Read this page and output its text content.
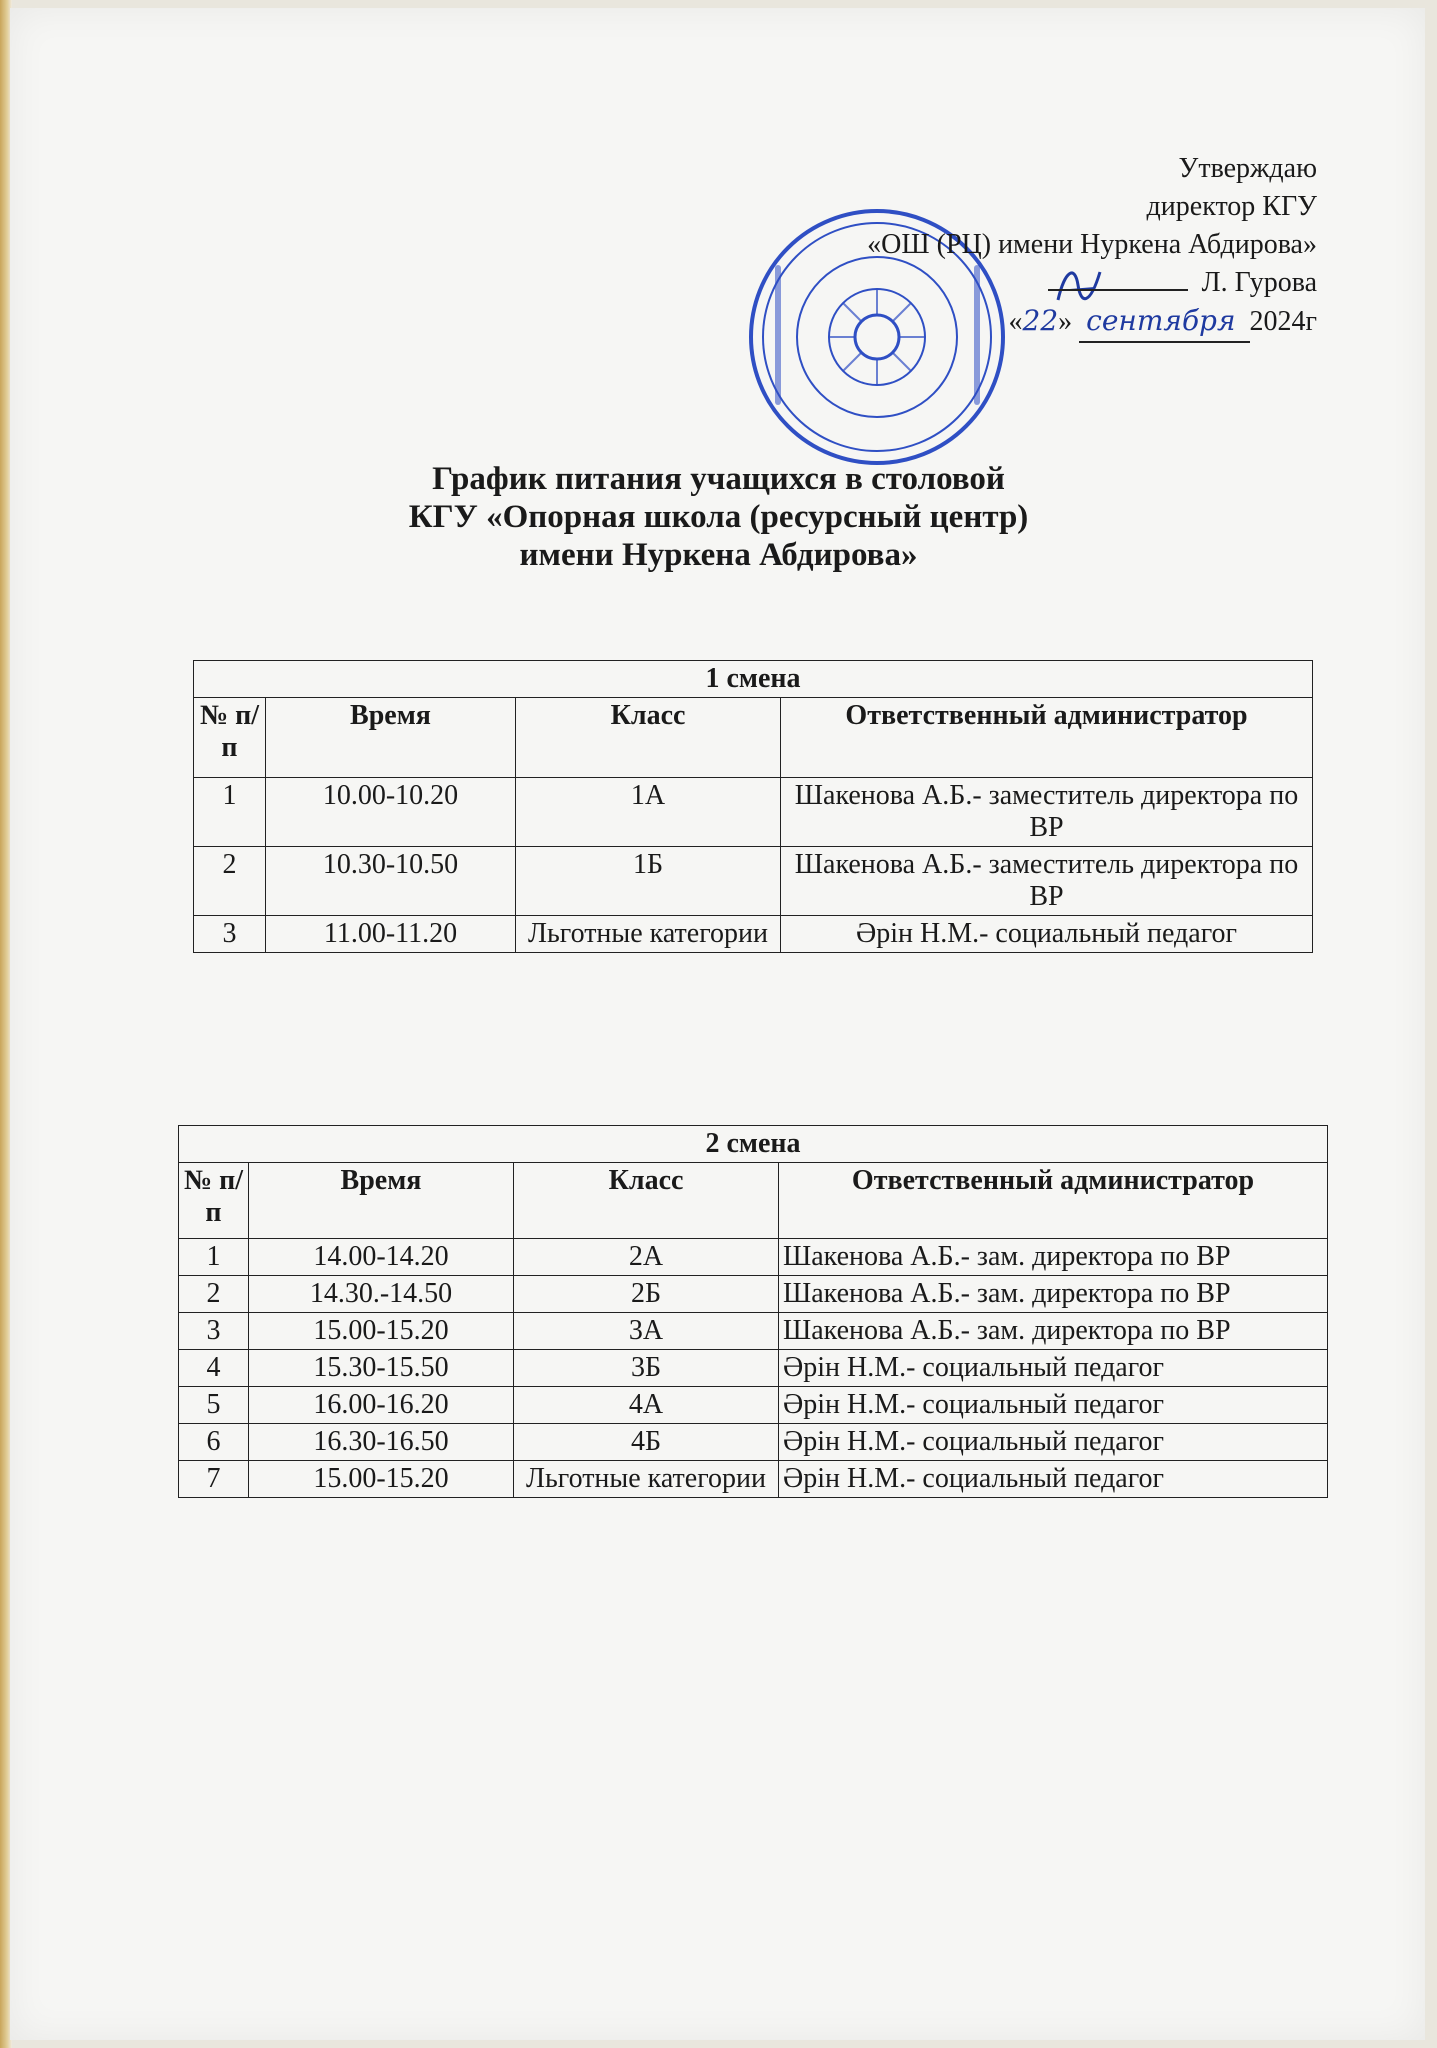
Утверждаю
директор КГУ
«ОШ (РЦ) имени Нуркена Абдирова»
Л. Гурова
«22» сентября 2024г
График питания учащихся в столовой
КГУ «Опорная школа (ресурсный центр)
имени Нуркена Абдирова»
1 смена			
№ п/п	Время	Класс	Ответственный администратор
1	10.00-10.20	1А	Шакенова А.Б.- заместитель директора по ВР
2	10.30-10.50	1Б	Шакенова А.Б.- заместитель директора по ВР
3	11.00-11.20	Льготные категории	Әрін Н.М.- социальный педагог
2 смена			
№ п/п	Время	Класс	Ответственный администратор
1	14.00-14.20	2А	Шакенова А.Б.- зам. директора по ВР
2	14.30.-14.50	2Б	Шакенова А.Б.- зам. директора по ВР
3	15.00-15.20	3А	Шакенова А.Б.- зам. директора по ВР
4	15.30-15.50	3Б	Әрін Н.М.- социальный педагог
5	16.00-16.20	4А	Әрін Н.М.- социальный педагог
6	16.30-16.50	4Б	Әрін Н.М.- социальный педагог
7	15.00-15.20	Льготные категории	Әрін Н.М.- социальный педагог
